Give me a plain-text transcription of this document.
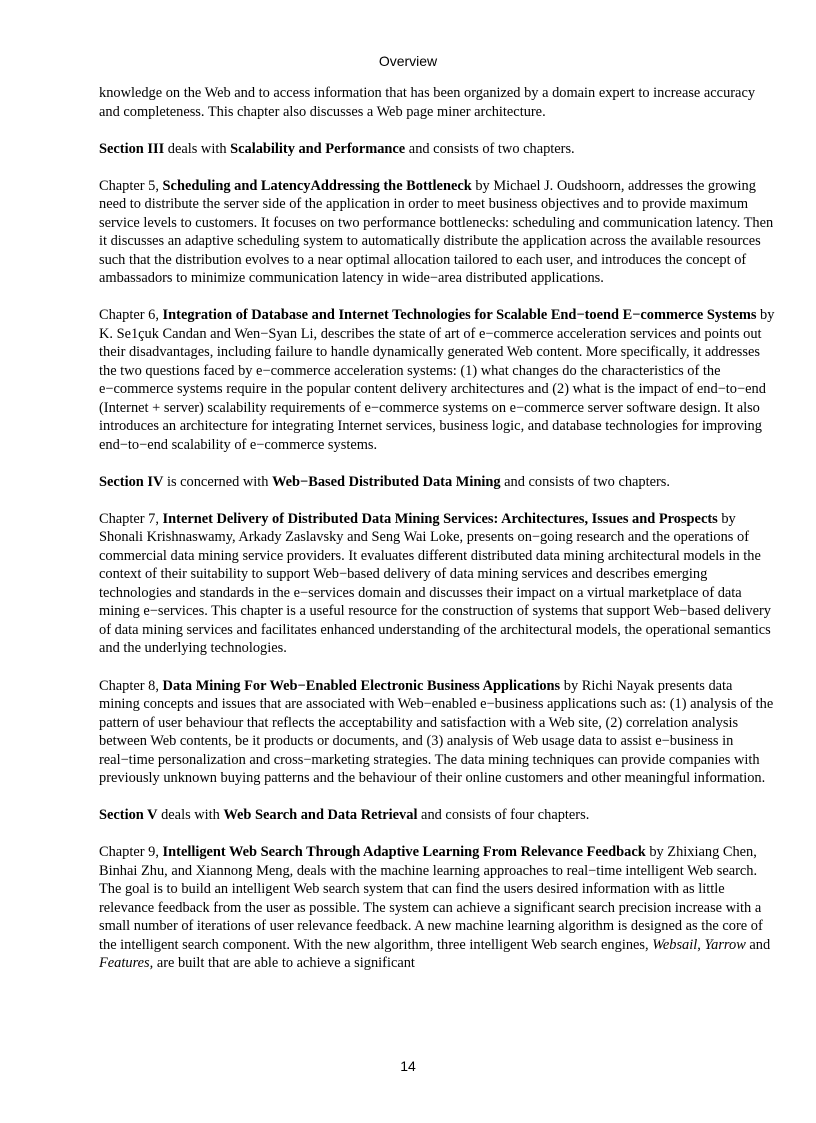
Overview

knowledge on the Web and to access information that has been organized by a domain expert to increase accuracy and completeness. This chapter also discusses a Web page miner architecture.

Section III deals with Scalability and Performance and consists of two chapters.

Chapter 5, Scheduling and LatencyAddressing the Bottleneck by Michael J. Oudshoorn, addresses the growing need to distribute the server side of the application in order to meet business objectives and to provide maximum service levels to customers. It focuses on two performance bottlenecks: scheduling and communication latency. Then it discusses an adaptive scheduling system to automatically distribute the application across the available resources such that the distribution evolves to a near optimal allocation tailored to each user, and introduces the concept of ambassadors to minimize communication latency in wide−area distributed applications.

Chapter 6, Integration of Database and Internet Technologies for Scalable End−toend E−commerce Systems by K. Se1çuk Candan and Wen−Syan Li, describes the state of art of e−commerce acceleration services and points out their disadvantages, including failure to handle dynamically generated Web content. More specifically, it addresses the two questions faced by e−commerce acceleration systems: (1) what changes do the characteristics of the e−commerce systems require in the popular content delivery architectures and (2) what is the impact of end−to−end (Internet + server) scalability requirements of e−commerce systems on e−commerce server software design. It also introduces an architecture for integrating Internet services, business logic, and database technologies for improving end−to−end scalability of e−commerce systems.

Section IV is concerned with Web−Based Distributed Data Mining and consists of two chapters.

Chapter 7, Internet Delivery of Distributed Data Mining Services: Architectures, Issues and Prospects by Shonali Krishnaswamy, Arkady Zaslavsky and Seng Wai Loke, presents on−going research and the operations of commercial data mining service providers. It evaluates different distributed data mining architectural models in the context of their suitability to support Web−based delivery of data mining services and describes emerging technologies and standards in the e−services domain and discusses their impact on a virtual marketplace of data mining e−services. This chapter is a useful resource for the construction of systems that support Web−based delivery of data mining services and facilitates enhanced understanding of the architectural models, the operational semantics and the underlying technologies.

Chapter 8, Data Mining For Web−Enabled Electronic Business Applications by Richi Nayak presents data mining concepts and issues that are associated with Web−enabled e−business applications such as: (1) analysis of the pattern of user behaviour that reflects the acceptability and satisfaction with a Web site, (2) correlation analysis between Web contents, be it products or documents, and (3) analysis of Web usage data to assist e−business in real−time personalization and cross−marketing strategies. The data mining techniques can provide companies with previously unknown buying patterns and the behaviour of their online customers and other meaningful information.

Section V deals with Web Search and Data Retrieval and consists of four chapters.

Chapter 9, Intelligent Web Search Through Adaptive Learning From Relevance Feedback by Zhixiang Chen, Binhai Zhu, and Xiannong Meng, deals with the machine learning approaches to real−time intelligent Web search. The goal is to build an intelligent Web search system that can find the users desired information with as little relevance feedback from the user as possible. The system can achieve a significant search precision increase with a small number of iterations of user relevance feedback. A new machine learning algorithm is designed as the core of the intelligent search component. With the new algorithm, three intelligent Web search engines, Websail, Yarrow and Features, are built that are able to achieve a significant

14
